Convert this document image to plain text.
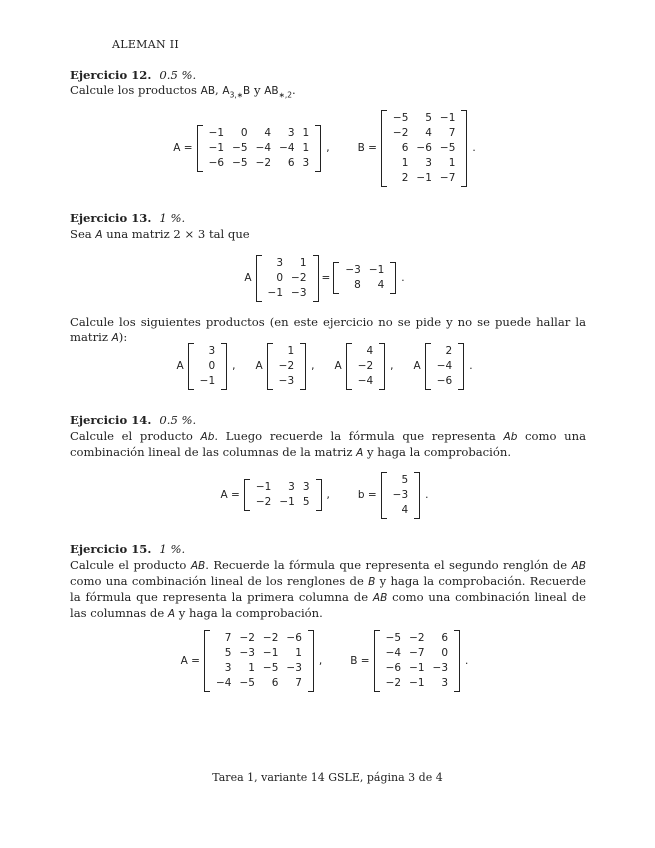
ALEMAN II
Ejercicio 12. 0.5 %.
Calcule los productos AB, $A_{3,∗}B$ y $AB_{∗,2}$.
A =
−1	0	4	3	1
−1	−5	−4	−4	1
−6	−5	−2	6	3
,	B =
−5	5	−1
−2	4	7
6	−6	−5
1	3	1
2	−1	−7
.
Ejercicio 13. 1 %.
Sea A una matriz 2 × 3 tal que
A
3	1
0	−2
−1	−3
=
−3	−1
8	4
.
Calcule los siguientes productos (en este ejercicio no se pide y no se puede hallar la matriz A):
A
3
0
−1
, A
1
−2
−3
, A
4
−2
−4
, A
2
−4
−6
.
Ejercicio 14. 0.5 %.
Calcule el producto Ab. Luego recuerde la fórmula que representa Ab como una combinación lineal de las columnas de la matriz A y haga la comprobación.
A =
−1	3	3
−2	−1	5
,	b =
5
−3
4
.
Ejercicio 15. 1 %.
Calcule el producto AB. Recuerde la fórmula que representa el segundo renglón de AB como una combinación lineal de los renglones de B y haga la comprobación. Recuerde la fórmula que representa la primera columna de AB como una combinación lineal de las columnas de A y haga la comprobación.
A =
7	−2	−2	−6
5	−3	−1	1
3	1	−5	−3
−4	−5	6	7
,	B =
−5	−2	6
−4	−7	0
−6	−1	−3
−2	−1	3
.
Tarea 1, variante 14 GSLE, página 3 de 4
